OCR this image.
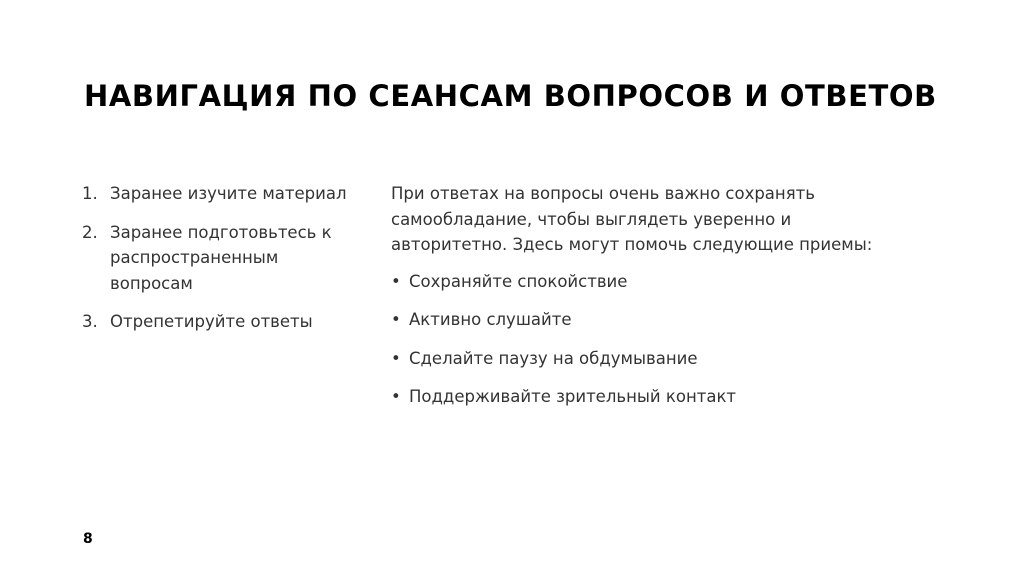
НАВИГАЦИЯ ПО СЕАНСАМ ВОПРОСОВ И ОТВЕТОВ
1. Заранее изучите материал
2. Заранее подготовьтесь к распространенным вопросам
3. Отрепетируйте ответы

При ответах на вопросы очень важно сохранять самообладание, чтобы выглядеть уверенно и авторитетно. Здесь могут помочь следующие приемы:

• Сохраняйте спокойствие
• Активно слушайте
• Сделайте паузу на обдумывание
• Поддерживайте зрительный контакт
8
